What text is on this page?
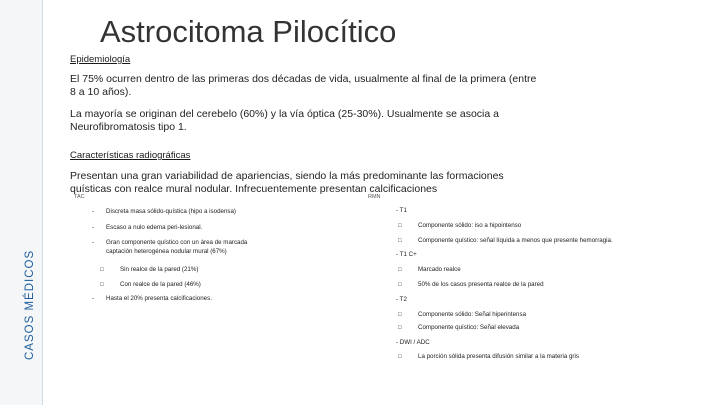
CASOS MÉDICOS
Astrocitoma Pilocítico
Epidemiología
El 75% ocurren dentro de las primeras dos décadas de vida, usualmente al final de la primera (entre
8 a 10 años).
La mayoría se originan del cerebelo (60%) y la vía óptica (25-30%). Usualmente se asocia a
Neurofibromatosis tipo 1.
Características radiográficas
Presentan una gran variabilidad de apariencias, siendo la más predominante las formaciones
quísticas con realce mural nodular. Infrecuentemente presentan calcificaciones
TAC	RMN
- Discreta masa sólido-quística (hipo a isodensa)
- Escaso a nulo edema peri-lesional.
- Gran componente quístico con un área de marcada
captación heterogénea nodular mural (67%)
□	Sin realce de la pared (21%)
□	Con realce de la pared (46%)
- Hasta el 20% presenta calcificaciones.
- T1
□	Componente sólido: iso a hipointenso
□	Componente quístico: señal líquida a menos que presente hemorragia.
- T1 C+
□	Marcado realce
□	50% de los casos presenta realce de la pared
- T2
□	Componente sólido: Señal hiperintensa
□	Componente quístico: Señal elevada
- DWI / ADC
□	La porción sólida presenta difusión similar a la materia gris
